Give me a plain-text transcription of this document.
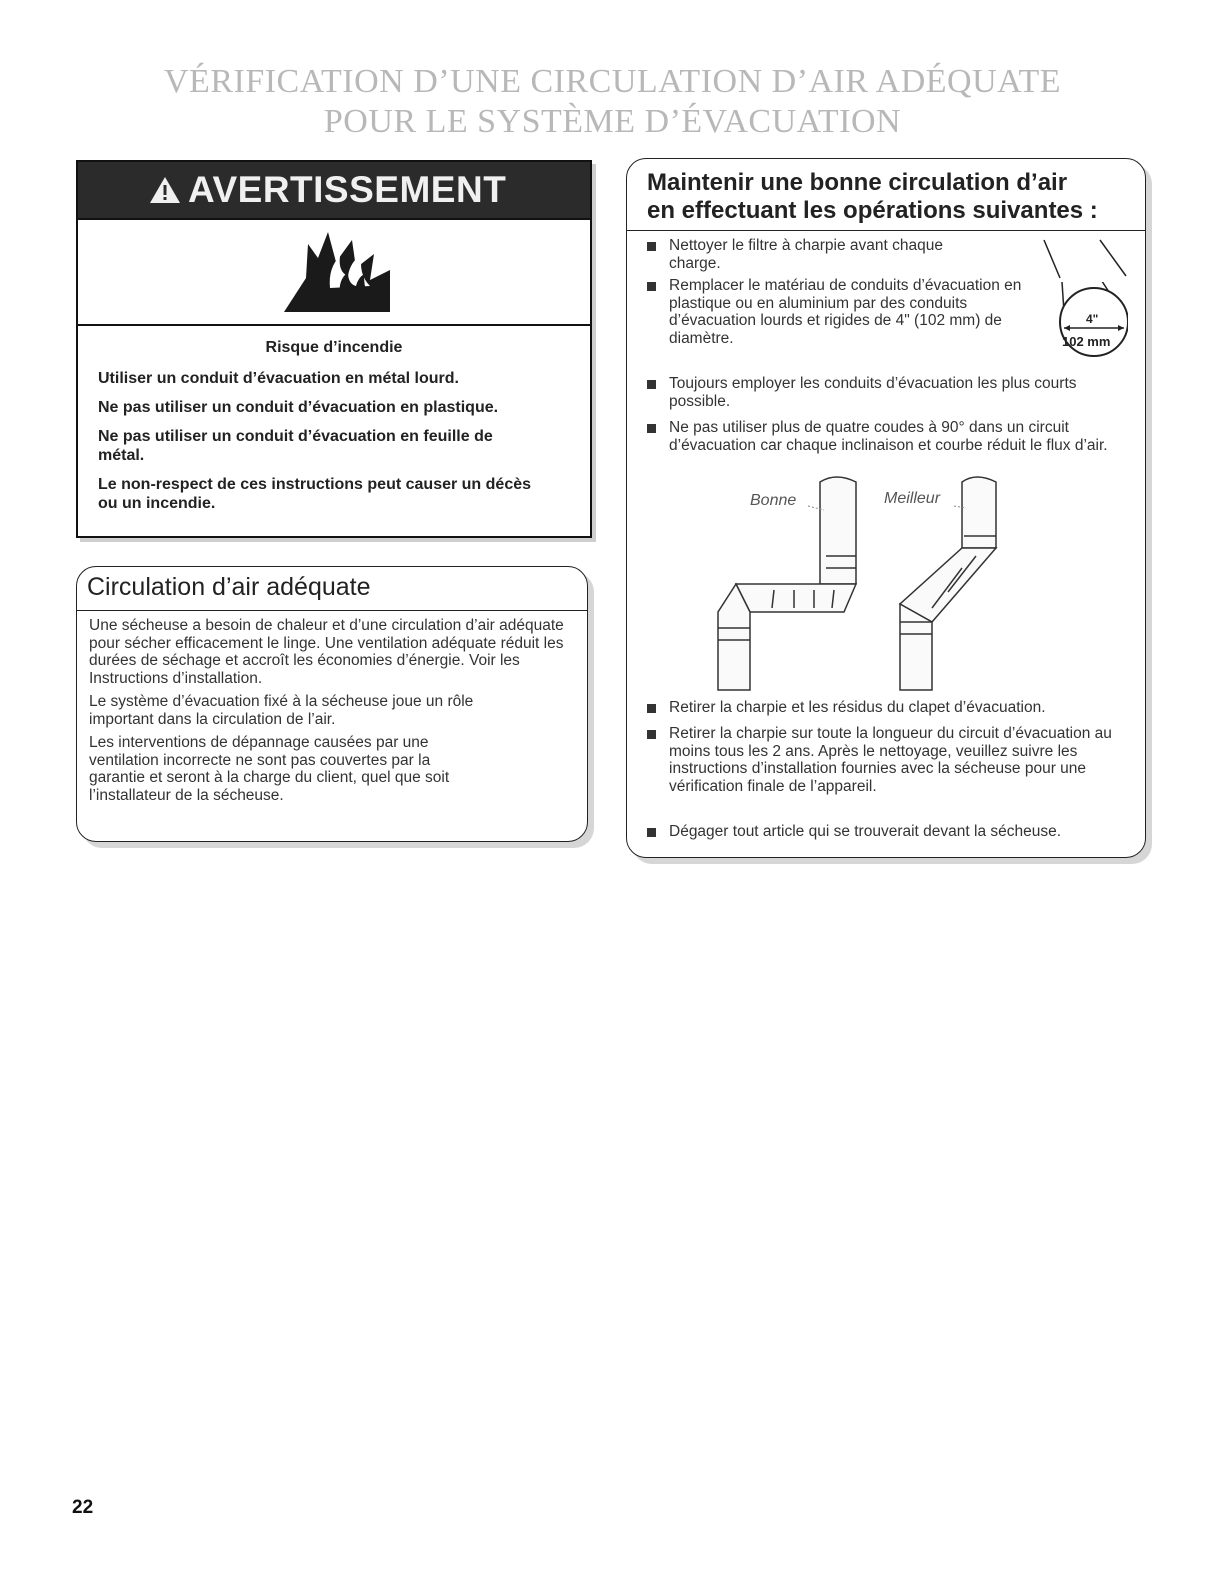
VÉRIFICATION D’UNE CIRCULATION D’AIR ADÉQUATE
POUR LE SYSTÈME D’ÉVACUATION
AVERTISSEMENT
Risque d’incendie

Utiliser un conduit d’évacuation en métal lourd.

Ne pas utiliser un conduit d’évacuation en plastique.

Ne pas utiliser un conduit d’évacuation en feuille de métal.

Le non-respect de ces instructions peut causer un décès ou un incendie.

Circulation d’air adéquate

Une sécheuse a besoin de chaleur et d’une circulation d’air adéquate pour sécher efficacement le linge. Une ventilation adéquate réduit les durées de séchage et accroît les économies d’énergie. Voir les Instructions d’installation.

Le système d’évacuation fixé à la sécheuse joue un rôle important dans la circulation de l’air.

Les interventions de dépannage causées par une ventilation incorrecte ne sont pas couvertes par la garantie et seront à la charge du client, quel que soit l’installateur de la sécheuse.

Maintenir une bonne circulation d’air
en effectuant les opérations suivantes :
Nettoyer le filtre à charpie avant chaque charge.
Remplacer le matériau de conduits d’évacuation en plastique ou en aluminium par des conduits d’évacuation lourds et rigides de 4" (102 mm) de diamètre.
Toujours employer les conduits d’évacuation les plus courts possible.
Ne pas utiliser plus de quatre coudes à 90° dans un circuit d’évacuation car chaque inclinaison et courbe réduit le flux d’air.
Retirer la charpie et les résidus du clapet d’évacuation.
Retirer la charpie sur toute la longueur du circuit d’évacuation au moins tous les 2 ans. Après le nettoyage, veuillez suivre les instructions d’installation fournies avec la sécheuse pour une vérification finale de l’appareil.
Dégager tout article qui se trouverait devant la sécheuse.
4"
102 mm
Bonne	Meilleur
22
